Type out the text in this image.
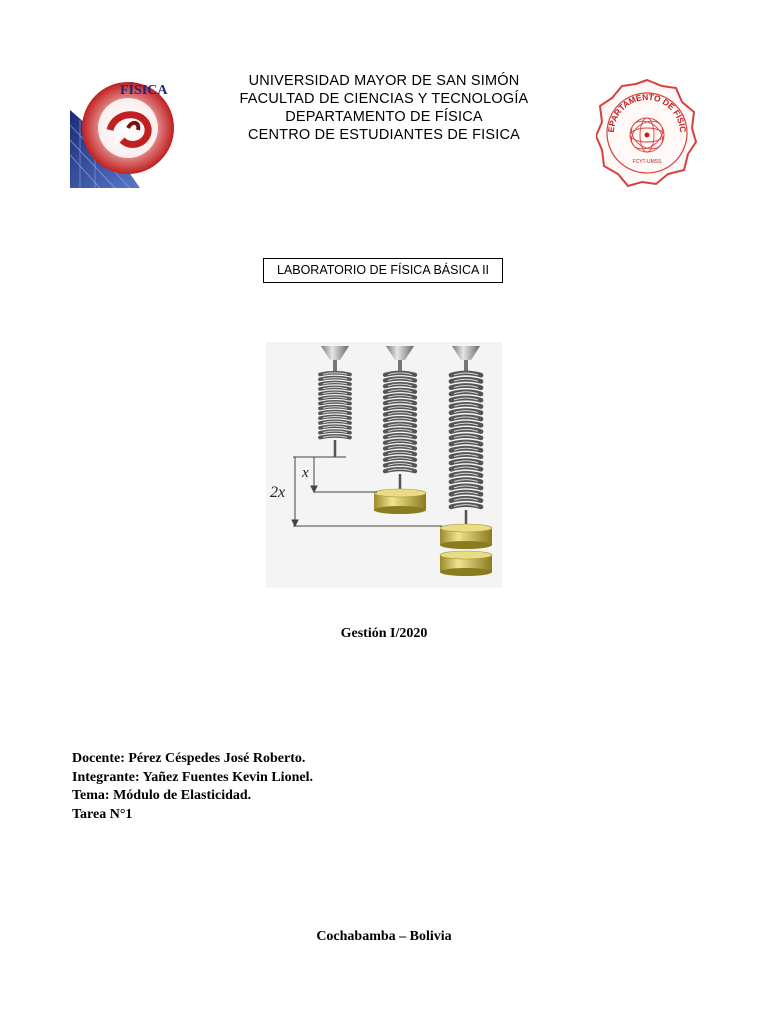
FÍSICA
UNIVERSIDAD MAYOR DE SAN SIMÓN
FACULTAD DE CIENCIAS Y TECNOLOGÍA
DEPARTAMENTO DE FÍSICA
CENTRO DE ESTUDIANTES DE FISICA	EPARTAMENTO DE FÍSIC
FCYT-UMSS
LABORATORIO DE FÍSICA BÁSICA II
x
2x
Gestión I/2020
Docente: Pérez Céspedes José Roberto.
Integrante: Yañez Fuentes Kevin Lionel.
Tema: Módulo de Elasticidad.
Tarea N°1
Cochabamba – Bolivia
